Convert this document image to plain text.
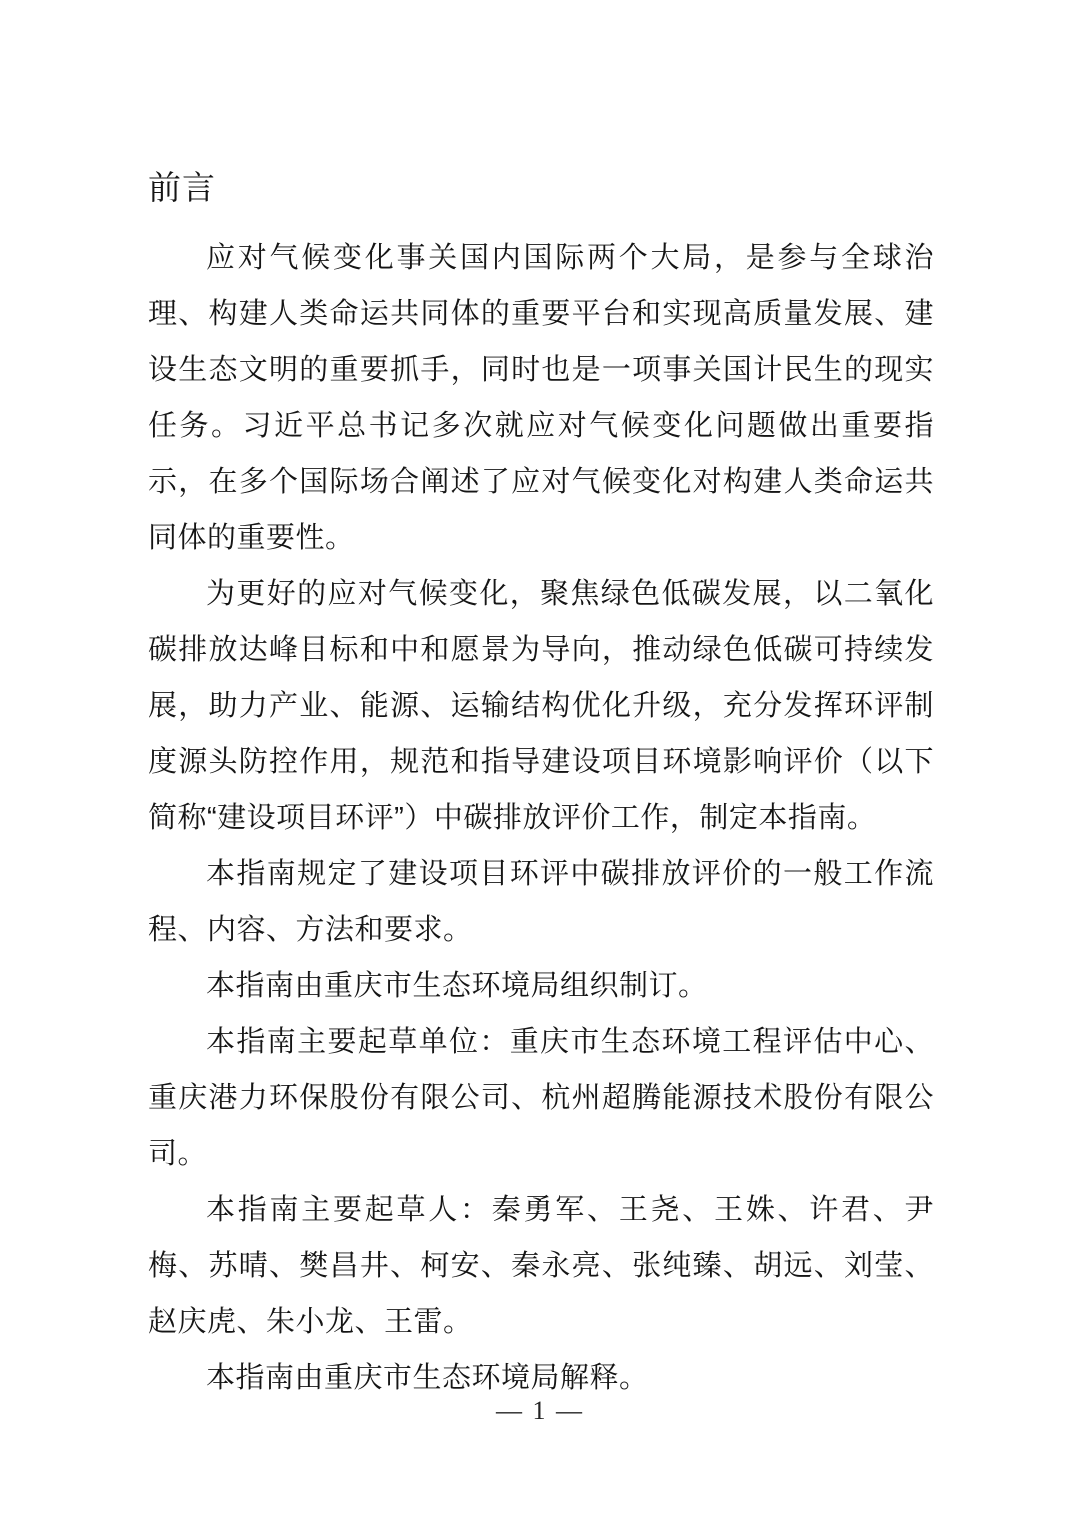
前言

应对气候变化事关国内国际两个大局，是参与全球治理、构建人类命运共同体的重要平台和实现高质量发展、建设生态文明的重要抓手，同时也是一项事关国计民生的现实任务。习近平总书记多次就应对气候变化问题做出重要指示，在多个国际场合阐述了应对气候变化对构建人类命运共同体的重要性。

为更好的应对气候变化，聚焦绿色低碳发展，以二氧化碳排放达峰目标和中和愿景为导向，推动绿色低碳可持续发展，助力产业、能源、运输结构优化升级，充分发挥环评制度源头防控作用，规范和指导建设项目环境影响评价（以下简称“建设项目环评”）中碳排放评价工作，制定本指南。

本指南规定了建设项目环评中碳排放评价的一般工作流程、内容、方法和要求。

本指南由重庆市生态环境局组织制订。

本指南主要起草单位：重庆市生态环境工程评估中心、重庆港力环保股份有限公司、杭州超腾能源技术股份有限公司。

本指南主要起草人：秦勇军、王尧、王姝、许君、尹梅、苏晴、樊昌井、柯安、秦永亮、张纯臻、胡远、刘莹、赵庆虎、朱小龙、王雷。

本指南由重庆市生态环境局解释。

— 1 —
